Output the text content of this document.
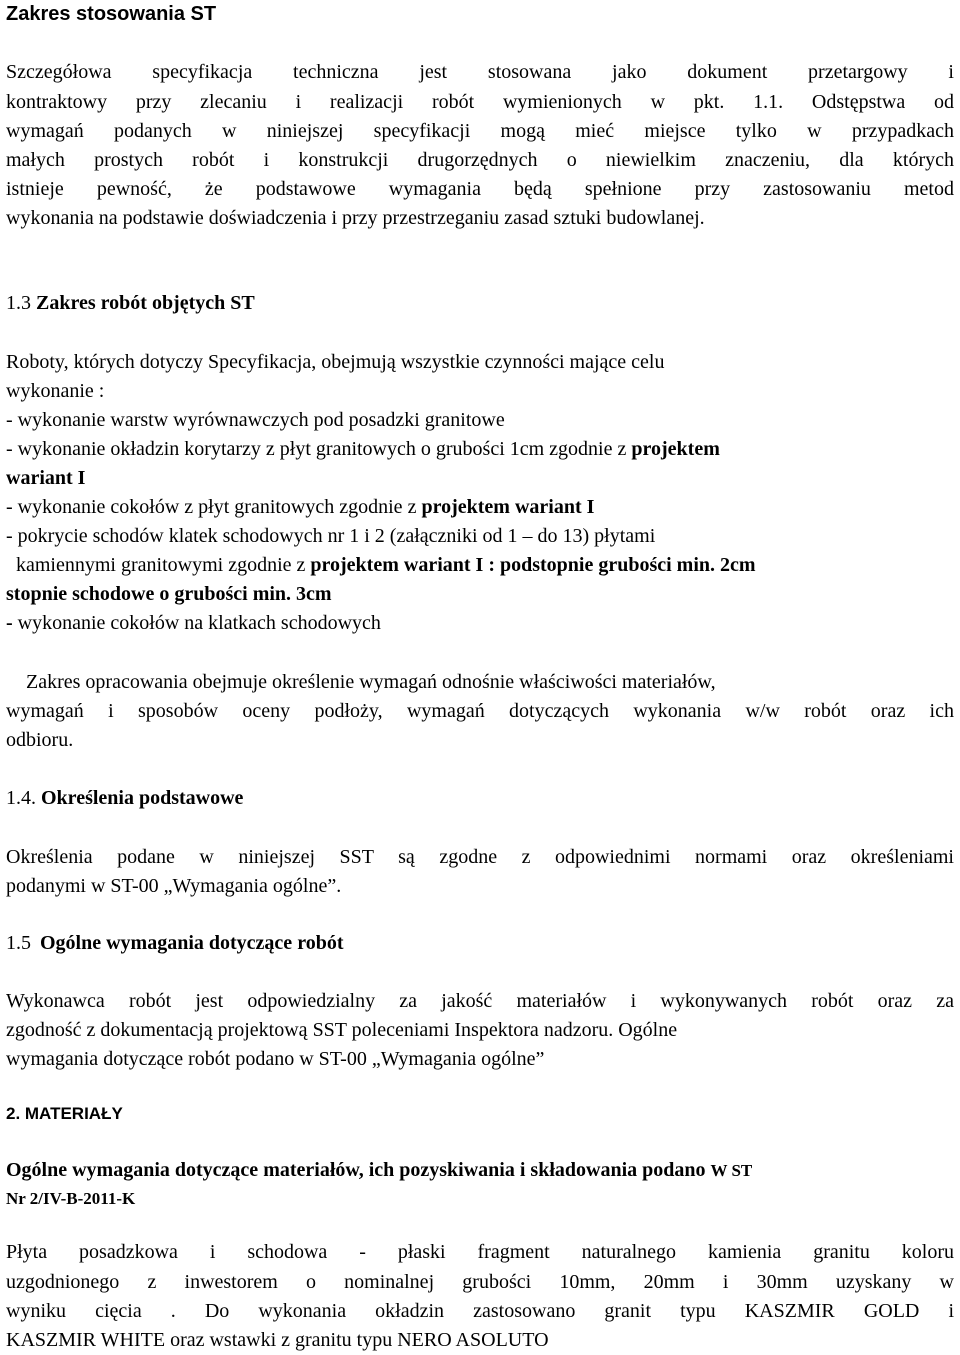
Zakres stosowania ST
Szczegółowa specyfikacja techniczna jest stosowana jako dokument przetargowy i
kontraktowy przy zlecaniu i realizacji robót wymienionych w pkt. 1.1. Odstępstwa od
wymagań podanych w niniejszej specyfikacji mogą mieć miejsce tylko w przypadkach
małych prostych robót i konstrukcji drugorzędnych o niewielkim znaczeniu, dla których
istnieje pewność, że podstawowe wymagania będą spełnione przy zastosowaniu metod
wykonania na podstawie doświadczenia i przy przestrzeganiu zasad sztuki budowlanej.
1.3 Zakres robót objętych ST
Roboty, których dotyczy Specyfikacja, obejmują wszystkie czynności mające celu
wykonanie :
- wykonanie warstw wyrównawczych pod posadzki granitowe
- wykonanie okładzin korytarzy z płyt granitowych o grubości 1cm zgodnie z projektem
wariant I
- wykonanie cokołów z płyt granitowych zgodnie z projektem wariant I
- pokrycie schodów klatek schodowych nr 1 i 2 (załączniki od 1 – do 13) płytami
kamiennymi granitowymi zgodnie z projektem wariant I : podstopnie grubości min. 2cm
stopnie schodowe o grubości min. 3cm
- wykonanie cokołów na klatkach schodowych
Zakres opracowania obejmuje określenie wymagań odnośnie właściwości materiałów,
wymagań i sposobów oceny podłoży, wymagań dotyczących wykonania w/w robót oraz ich
odbioru.
1.4. Określenia podstawowe
Określenia podane w niniejszej SST są zgodne z odpowiednimi normami oraz określeniami
podanymi w ST-00 „Wymagania ogólne”.
1.5 Ogólne wymagania dotyczące robót
Wykonawca robót jest odpowiedzialny za jakość materiałów i wykonywanych robót oraz za
zgodność z dokumentacją projektową SST poleceniami Inspektora nadzoru. Ogólne
wymagania dotyczące robót podano w ST-00 „Wymagania ogólne”
2. MATERIAŁY
Ogólne wymagania dotyczące materiałów, ich pozyskiwania i składowania podano W ST
Nr 2/IV-B-2011-K
Płyta posadzkowa i schodowa - płaski fragment naturalnego kamienia granitu koloru
uzgodnionego z inwestorem o nominalnej grubości 10mm, 20mm i 30mm uzyskany w
wyniku cięcia . Do wykonania okładzin zastosowano granit typu KASZMIR GOLD i
KASZMIR WHITE oraz wstawki z granitu typu NERO ASOLUTO
